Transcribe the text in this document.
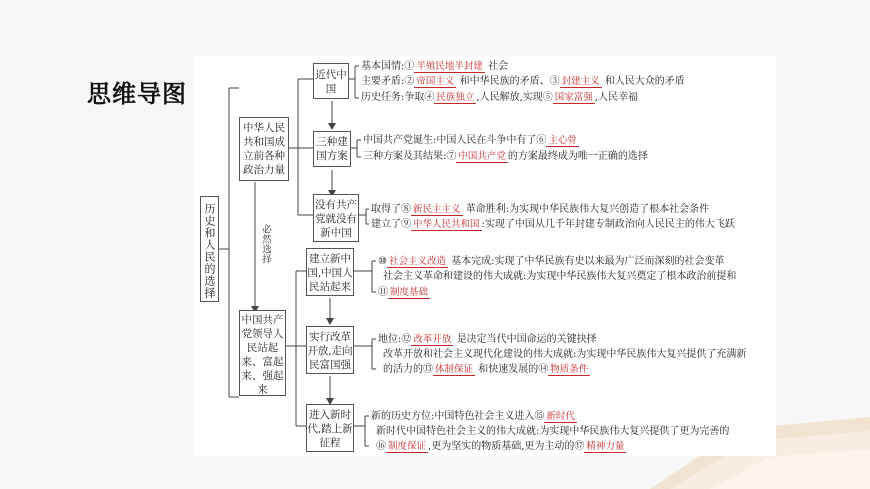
思维导图
历史和人民的选择	必然选择
中华人民共和国成立前各种政治力量
中国共产党领导人民站起来、富起来、强起来
近代中国
三种建国方案
没有共产党就没有新中国
建立新中国,中国人民站起来
实行改革开放,走向民富国强
进入新时代,踏上新征程
基本国情:① 半殖民地半封建 社会
主要矛盾:② 帝国主义 和中华民族的矛盾、③ 封建主义 和人民大众的矛盾
历史任务:争取④ 民族独立 ,人民解放,实现⑤ 国家富强 ,人民幸福
中国共产党诞生:中国人民在斗争中有了⑥ 主心骨
三种方案及其结果:⑦ 中国共产党 的方案最终成为唯一正确的选择
取得了⑧ 新民主主义 革命胜利:为实现中华民族伟大复兴创造了根本社会条件
建立了⑨ 中华人民共和国 :实现了中国从几千年封建专制政治向人民民主的伟大飞跃
⑩ 社会主义改造 基本完成:实现了中华民族有史以来最为广泛而深刻的社会变革
社会主义革命和建设的伟大成就:为实现中华民族伟大复兴奠定了根本政治前提和
⑪ 制度基础
地位:⑫ 改革开放 是决定当代中国命运的关键抉择
改革开放和社会主义现代化建设的伟大成就:为实现中华民族伟大复兴提供了充满新
的活力的⑬ 体制保证 和快速发展的⑭ 物质条件
新的历史方位:中国特色社会主义进入⑮ 新时代
新时代中国特色社会主义的伟大成就:为实现中华民族伟大复兴提供了更为完善的
⑯ 制度保证 ,更为坚实的物质基础,更为主动的⑰ 精神力量
